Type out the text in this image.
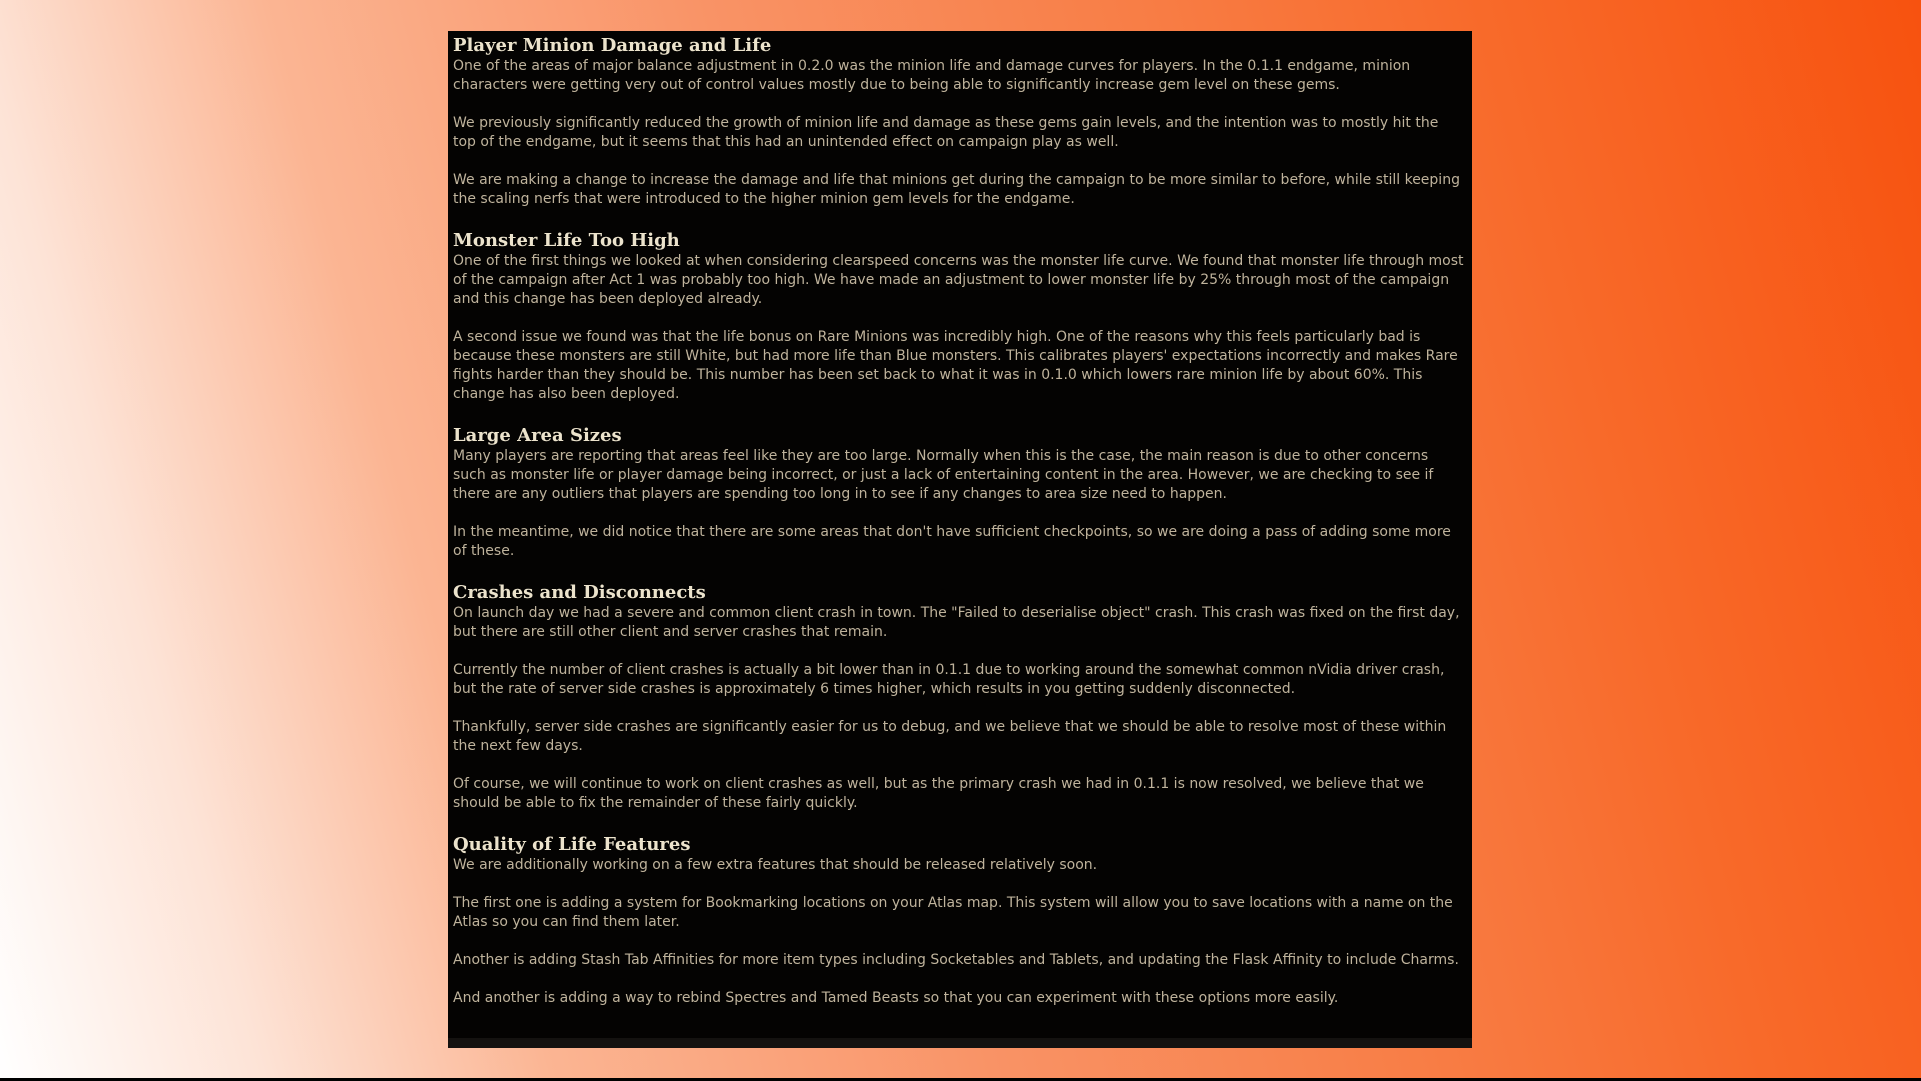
Player Minion Damage and Life

One of the areas of major balance adjustment in 0.2.0 was the minion life and damage curves for players. In the 0.1.1 endgame, minion characters were getting very out of control values mostly due to being able to significantly increase gem level on these gems.

We previously significantly reduced the growth of minion life and damage as these gems gain levels, and the intention was to mostly hit the top of the endgame, but it seems that this had an unintended effect on campaign play as well.

We are making a change to increase the damage and life that minions get during the campaign to be more similar to before, while still keeping the scaling nerfs that were introduced to the higher minion gem levels for the endgame.

Monster Life Too High

One of the first things we looked at when considering clearspeed concerns was the monster life curve. We found that monster life through most of the campaign after Act 1 was probably too high. We have made an adjustment to lower monster life by 25% through most of the campaign and this change has been deployed already.

A second issue we found was that the life bonus on Rare Minions was incredibly high. One of the reasons why this feels particularly bad is because these monsters are still White, but had more life than Blue monsters. This calibrates players' expectations incorrectly and makes Rare fights harder than they should be. This number has been set back to what it was in 0.1.0 which lowers rare minion life by about 60%. This change has also been deployed.

Large Area Sizes

Many players are reporting that areas feel like they are too large. Normally when this is the case, the main reason is due to other concerns such as monster life or player damage being incorrect, or just a lack of entertaining content in the area. However, we are checking to see if there are any outliers that players are spending too long in to see if any changes to area size need to happen.

In the meantime, we did notice that there are some areas that don't have sufficient checkpoints, so we are doing a pass of adding some more of these.

Crashes and Disconnects

On launch day we had a severe and common client crash in town. The "Failed to deserialise object" crash. This crash was fixed on the first day, but there are still other client and server crashes that remain.

Currently the number of client crashes is actually a bit lower than in 0.1.1 due to working around the somewhat common nVidia driver crash, but the rate of server side crashes is approximately 6 times higher, which results in you getting suddenly disconnected.

Thankfully, server side crashes are significantly easier for us to debug, and we believe that we should be able to resolve most of these within the next few days.

Of course, we will continue to work on client crashes as well, but as the primary crash we had in 0.1.1 is now resolved, we believe that we should be able to fix the remainder of these fairly quickly.

Quality of Life Features

We are additionally working on a few extra features that should be released relatively soon.

The first one is adding a system for Bookmarking locations on your Atlas map. This system will allow you to save locations with a name on the Atlas so you can find them later.

Another is adding Stash Tab Affinities for more item types including Socketables and Tablets, and updating the Flask Affinity to include Charms.

And another is adding a way to rebind Spectres and Tamed Beasts so that you can experiment with these options more easily.
